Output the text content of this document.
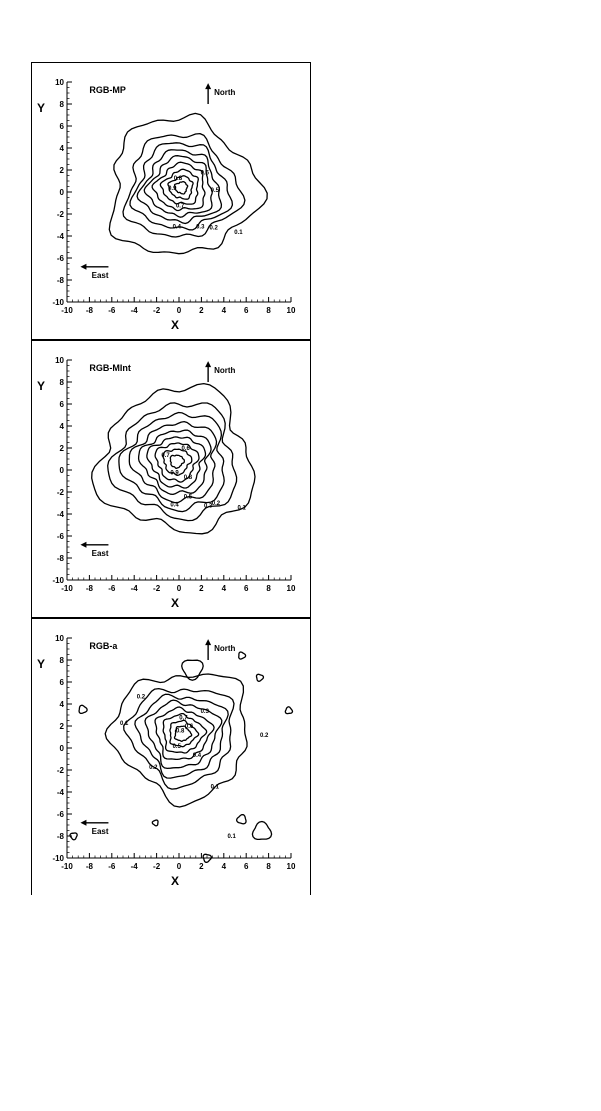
0.1
0.2
0.3
0.4
0.5
0.6
0.7
0.8
0.9
10
8
6
4
2
0
-2
-4
-6
-8
-10
-10 -8 -6 -4 -2 0 2 4 6 8 10
X
Y
RGB-MP	North
East
0.1
0.2
0.3
0.4
0.5
0.6
0.7
0.8
0.9
10
8
6
4
2
0
-2
-4
-6
-8
-10
-10 -8 -6 -4 -2 0 2 4 6 8 10
X
Y
RGB-MInt	North
East
0.1
0.2
0.3
0.4
0.5
0.6
0.7
0.8
0.1
0.2
0.2
0.1
10
8
6
4
2
0
-2
-4
-6
-8
-10
-10 -8 -6 -4 -2 0 2 4 6 8 10
X
Y
RGB-a	North
East
